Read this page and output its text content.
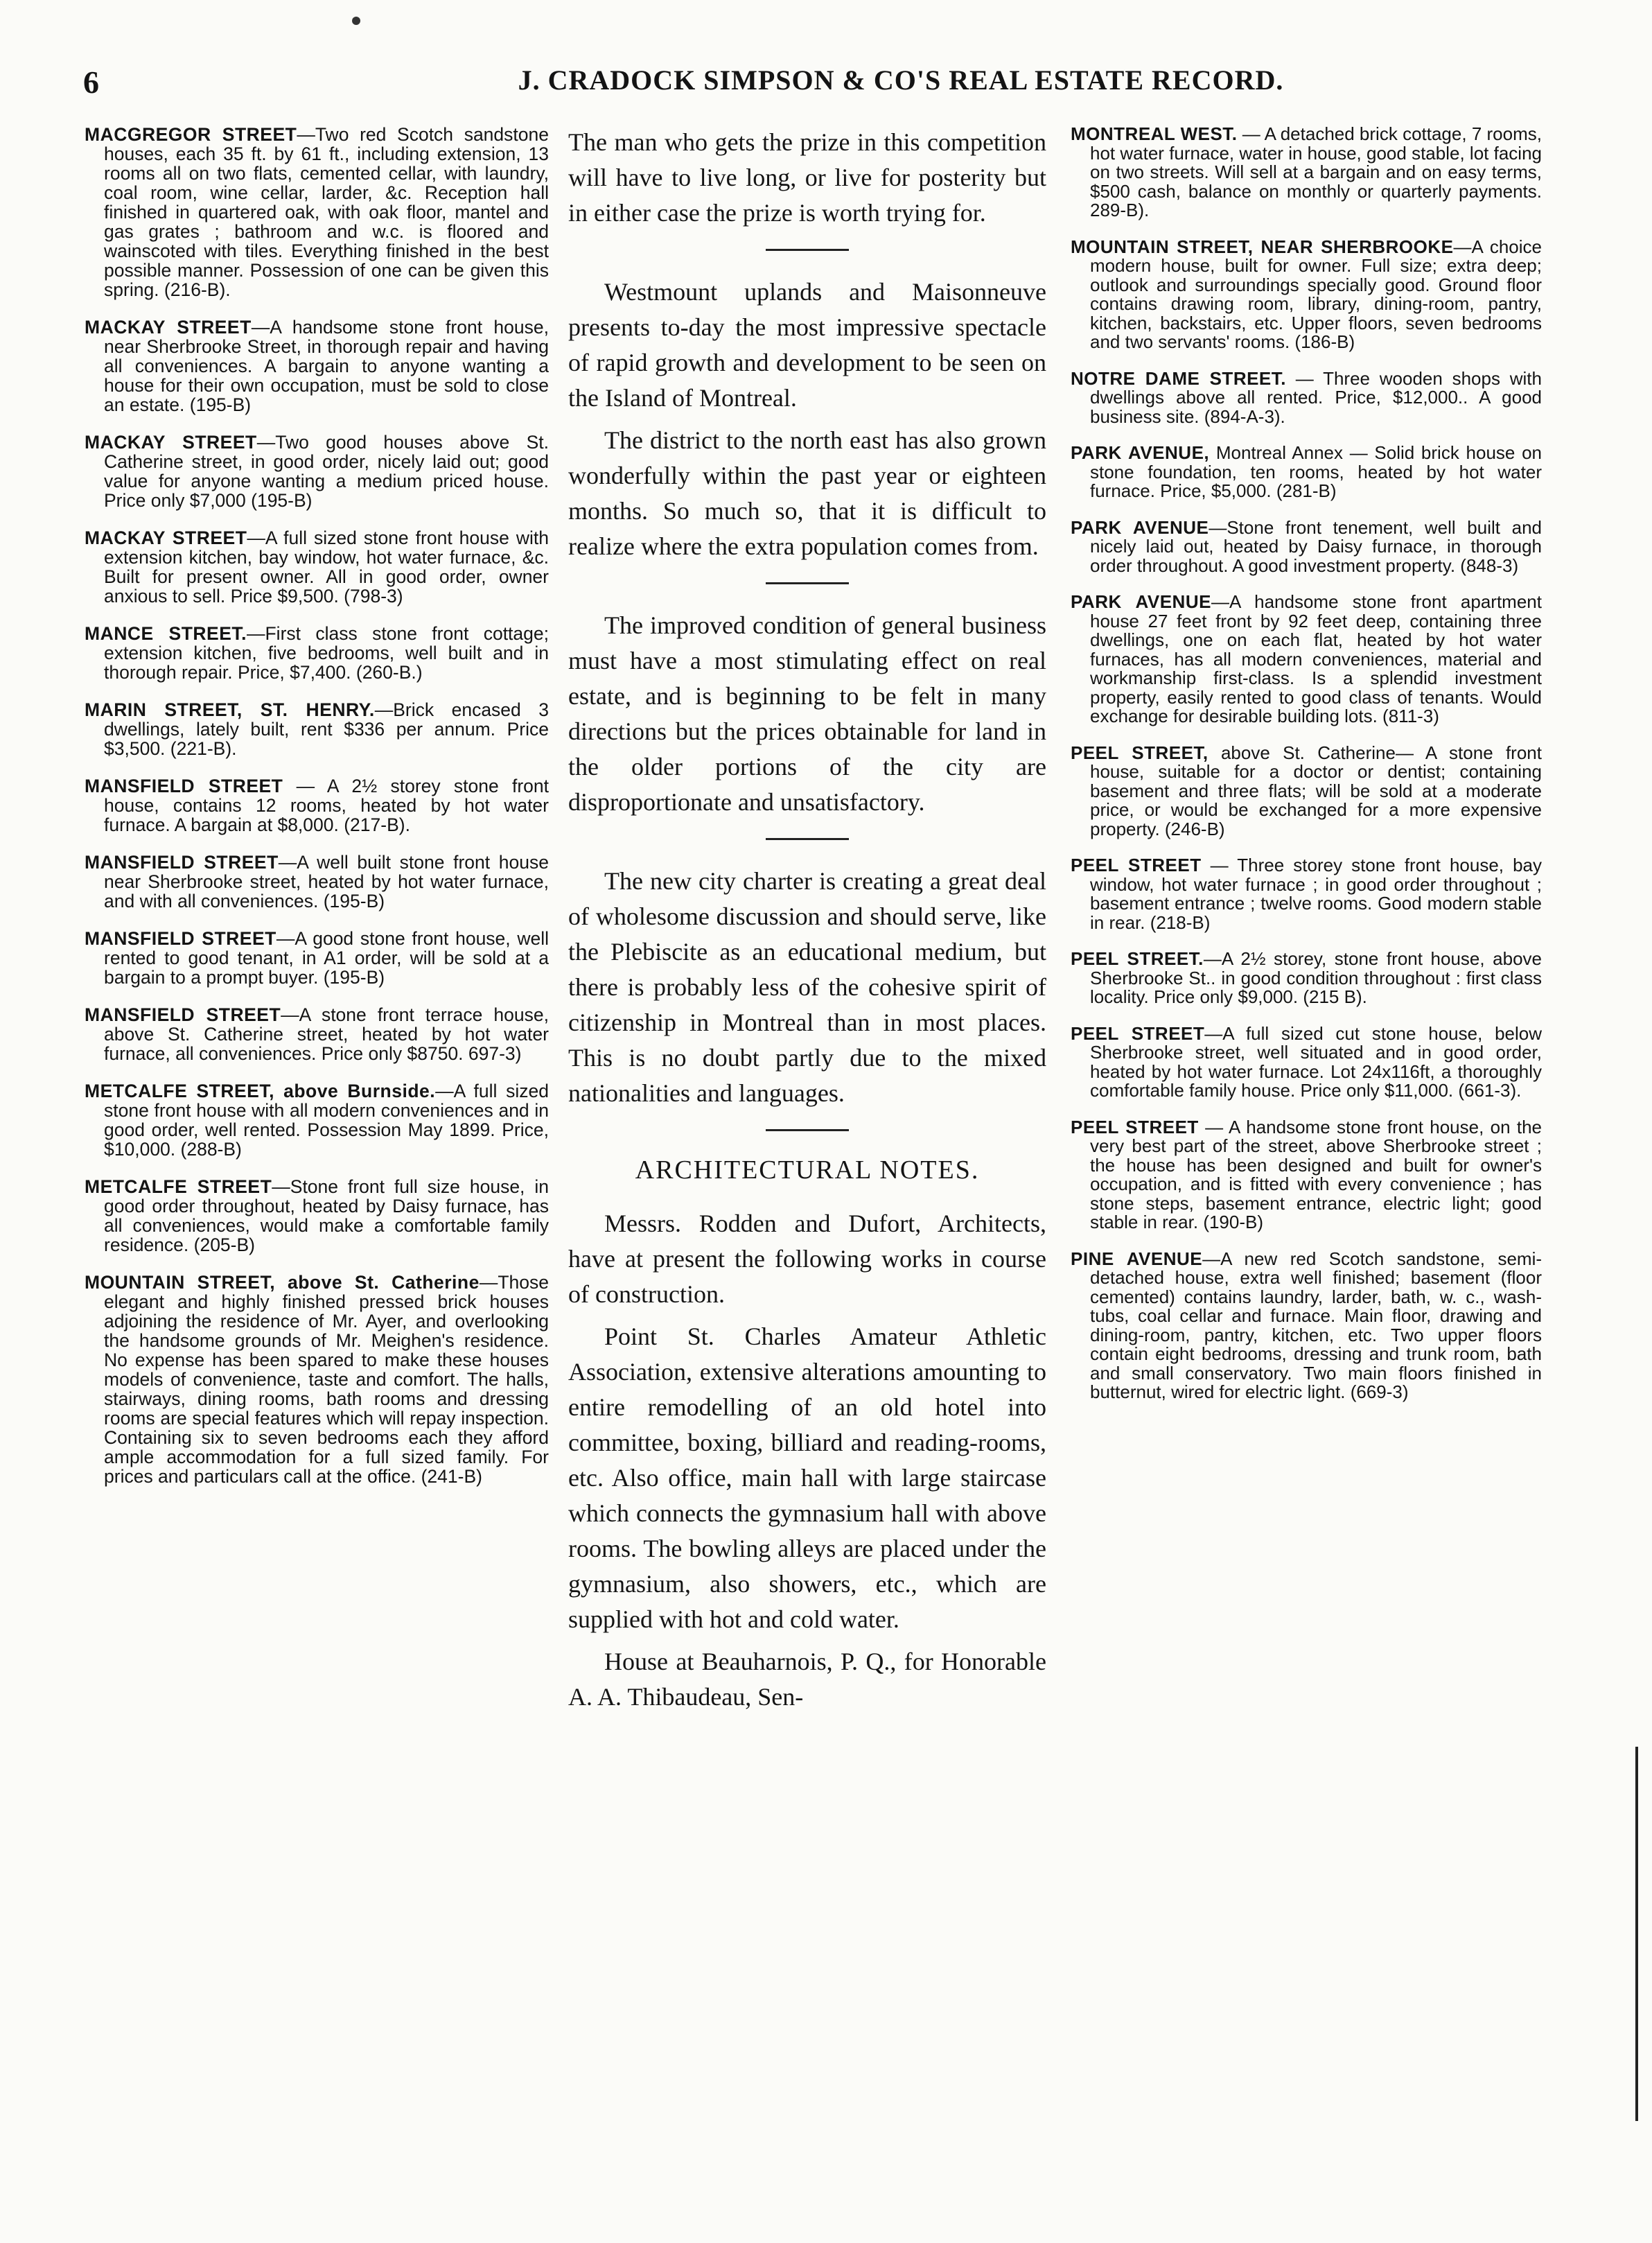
6	J. CRADOCK SIMPSON & CO'S REAL ESTATE RECORD.

MACGREGOR STREET—Two red Scotch sandstone houses, each 35 ft. by 61 ft., including extension, 13 rooms all on two flats, cemented cellar, with laundry, coal room, wine cellar, larder, &c. Reception hall finished in quartered oak, with oak floor, mantel and gas grates ; bathroom and w.c. is floored and wainscoted with tiles. Everything finished in the best possible manner. Possession of one can be given this spring. (216-B).

MACKAY STREET—A handsome stone front house, near Sherbrooke Street, in thorough repair and having all conveniences. A bargain to anyone wanting a house for their own occupation, must be sold to close an estate. (195-B)

MACKAY STREET—Two good houses above St. Catherine street, in good order, nicely laid out; good value for anyone wanting a medium priced house. Price only $7,000 (195-B)

MACKAY STREET—A full sized stone front house with extension kitchen, bay window, hot water furnace, &c. Built for present owner. All in good order, owner anxious to sell. Price $9,500. (798-3)

MANCE STREET.—First class stone front cottage; extension kitchen, five bedrooms, well built and in thorough repair. Price, $7,400. (260-B.)

MARIN STREET, ST. HENRY.—Brick encased 3 dwellings, lately built, rent $336 per annum. Price $3,500. (221-B).

MANSFIELD STREET — A 2½ storey stone front house, contains 12 rooms, heated by hot water furnace. A bargain at $8,000. (217-B).

MANSFIELD STREET—A well built stone front house near Sherbrooke street, heated by hot water furnace, and with all conveniences. (195-B)

MANSFIELD STREET—A good stone front house, well rented to good tenant, in A1 order, will be sold at a bargain to a prompt buyer. (195-B)

MANSFIELD STREET—A stone front terrace house, above St. Catherine street, heated by hot water furnace, all conveniences. Price only $8750. 697-3)

METCALFE STREET, above Burnside.—A full sized stone front house with all modern conveniences and in good order, well rented. Possession May 1899. Price, $10,000. (288-B)

METCALFE STREET—Stone front full size house, in good order throughout, heated by Daisy furnace, has all conveniences, would make a comfortable family residence. (205-B)

MOUNTAIN STREET, above St. Catherine—Those elegant and highly finished pressed brick houses adjoining the residence of Mr. Ayer, and overlooking the handsome grounds of Mr. Meighen's residence. No expense has been spared to make these houses models of convenience, taste and comfort. The halls, stairways, dining rooms, bath rooms and dressing rooms are special features which will repay inspection. Containing six to seven bedrooms each they afford ample accommodation for a full sized family. For prices and particulars call at the office. (241-B)

The man who gets the prize in this competition will have to live long, or live for posterity but in either case the prize is worth trying for.

Westmount uplands and Maisonneuve presents to-day the most impressive spectacle of rapid growth and development to be seen on the Island of Montreal.

The district to the north east has also grown wonderfully within the past year or eighteen months. So much so, that it is difficult to realize where the extra population comes from.

The improved condition of general business must have a most stimulating effect on real estate, and is beginning to be felt in many directions but the prices obtainable for land in the older portions of the city are disproportionate and unsatisfactory.

The new city charter is creating a great deal of wholesome discussion and should serve, like the Plebiscite as an educational medium, but there is probably less of the cohesive spirit of citizenship in Montreal than in most places. This is no doubt partly due to the mixed nationalities and languages.

ARCHITECTURAL NOTES.

Messrs. Rodden and Dufort, Architects, have at present the following works in course of construction.

Point St. Charles Amateur Athletic Association, extensive alterations amounting to entire remodelling of an old hotel into committee, boxing, billiard and reading-rooms, etc. Also office, main hall with large staircase which connects the gymnasium hall with above rooms. The bowling alleys are placed under the gymnasium, also showers, etc., which are supplied with hot and cold water.

House at Beauharnois, P. Q., for Honorable A. A. Thibaudeau, Sen-

MONTREAL WEST. — A detached brick cottage, 7 rooms, hot water furnace, water in house, good stable, lot facing on two streets. Will sell at a bargain and on easy terms, $500 cash, balance on monthly or quarterly payments. 289-B).

MOUNTAIN STREET, NEAR SHERBROOKE—A choice modern house, built for owner. Full size; extra deep; outlook and surroundings specially good. Ground floor contains drawing room, library, dining-room, pantry, kitchen, backstairs, etc. Upper floors, seven bedrooms and two servants' rooms. (186-B)

NOTRE DAME STREET. — Three wooden shops with dwellings above all rented. Price, $12,000.. A good business site. (894-A-3).

PARK AVENUE, Montreal Annex — Solid brick house on stone foundation, ten rooms, heated by hot water furnace. Price, $5,000. (281-B)

PARK AVENUE—Stone front tenement, well built and nicely laid out, heated by Daisy furnace, in thorough order throughout. A good investment property. (848-3)

PARK AVENUE—A handsome stone front apartment house 27 feet front by 92 feet deep, containing three dwellings, one on each flat, heated by hot water furnaces, has all modern conveniences, material and workmanship first-class. Is a splendid investment property, easily rented to good class of tenants. Would exchange for desirable building lots. (811-3)

PEEL STREET, above St. Catherine— A stone front house, suitable for a doctor or dentist; containing basement and three flats; will be sold at a moderate price, or would be exchanged for a more expensive property. (246-B)

PEEL STREET — Three storey stone front house, bay window, hot water furnace ; in good order throughout ; basement entrance ; twelve rooms. Good modern stable in rear. (218-B)

PEEL STREET.—A 2½ storey, stone front house, above Sherbrooke St.. in good condition throughout : first class locality. Price only $9,000. (215 B).

PEEL STREET—A full sized cut stone house, below Sherbrooke street, well situated and in good order, heated by hot water furnace. Lot 24x116ft, a thoroughly comfortable family house. Price only $11,000. (661-3).

PEEL STREET — A handsome stone front house, on the very best part of the street, above Sherbrooke street ; the house has been designed and built for owner's occupation, and is fitted with every convenience ; has stone steps, basement entrance, electric light; good stable in rear. (190-B)

PINE AVENUE—A new red Scotch sandstone, semi-detached house, extra well finished; basement (floor cemented) contains laundry, larder, bath, w. c., wash-tubs, coal cellar and furnace. Main floor, drawing and dining-room, pantry, kitchen, etc. Two upper floors contain eight bedrooms, dressing and trunk room, bath and small conservatory. Two main floors finished in butternut, wired for electric light. (669-3)
